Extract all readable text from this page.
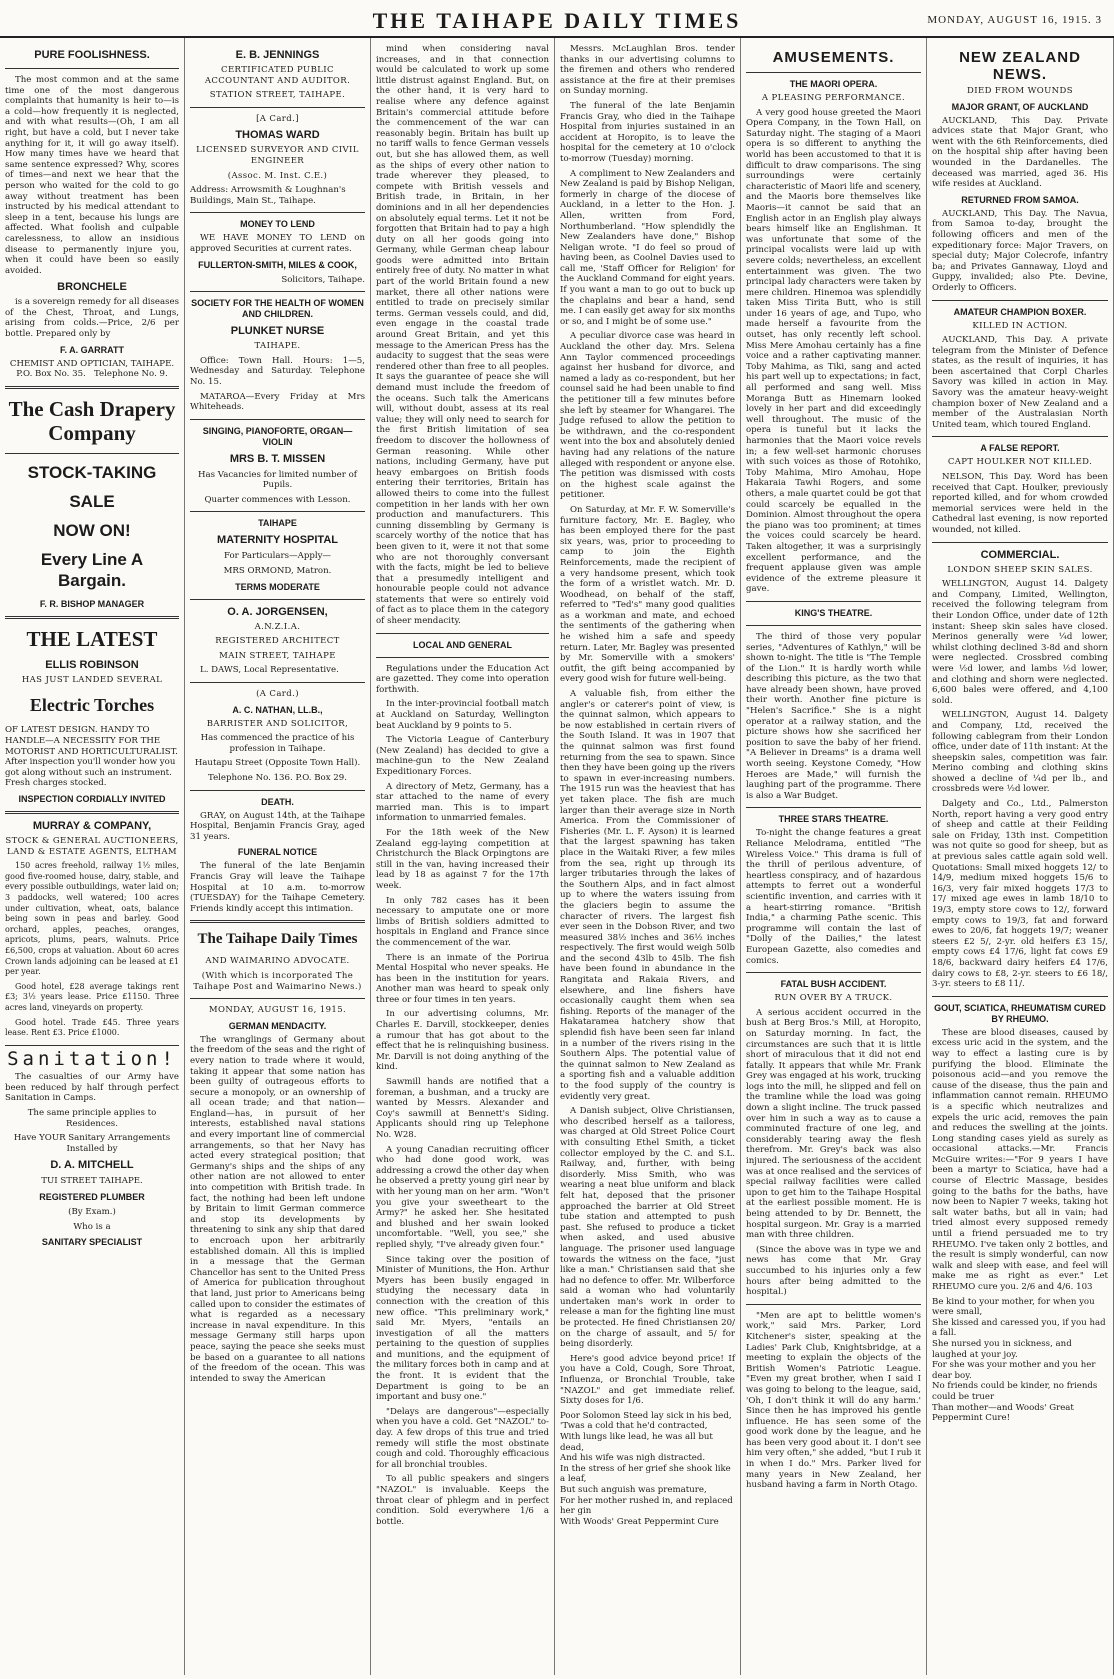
THE TAIHAPE DAILY TIMES	MONDAY, AUGUST 16, 1915. 3
PURE FOOLISHNESS.

The most common and at the same time one of the most dangerous complaints that humanity is heir to—is a cold—how frequently it is neglected, and with what results—(Oh, I am all right, but have a cold, but I never take anything for it, it will go away itself). How many times have we heard that same sentence expressed? Why, scores of times—and next we hear that the person who waited for the cold to go away without treatment has been instructed by his medical attendant to sleep in a tent, because his lungs are affected. What foolish and culpable carelessness, to allow an insidious disease to permanently injure you, when it could have been so easily avoided.

BRONCHELE

is a sovereign remedy for all diseases of the Chest, Throat, and Lungs, arising from colds.—Price, 2/6 per bottle. Prepared only by

F. A. GARRATT
CHEMIST AND OPTICIAN, TAIHAPE.
P.O. Box No. 35. Telephone No. 9.
The Cash Drapery Company
STOCK-TAKING
SALE
NOW ON!
Every Line A Bargain.
F. R. BISHOP MANAGER
THE LATEST
ELLIS ROBINSON
HAS JUST LANDED SEVERAL
Electric Torches

OF LATEST DESIGN. HANDY TO HANDLE—A NECESSITY FOR THE MOTORIST AND HORTICULTURALIST. After inspection you'll wonder how you got along without such an instrument. Fresh charges stocked.

INSPECTION CORDIALLY INVITED
MURRAY & COMPANY,
STOCK & GENERAL AUCTIONEERS, LAND & ESTATE AGENTS, ELTHAM

150 acres freehold, railway 1½ miles, good five-roomed house, dairy, stable, and every possible outbuildings, water laid on; 3 paddocks, well watered; 100 acres under cultivation, wheat, oats, balance being sown in peas and barley. Good orchard, apples, peaches, oranges, apricots, plums, pears, walnuts. Price £6,500, crops at valuation. About 60 acres Crown lands adjoining can be leased at £1 per year.

Good hotel, £28 average takings rent £3; 3½ years lease. Price £1150. Three acres land, vineyards on property.

Good hotel. Trade £45. Three years lease. Rent £3. Price £1000.

Sanitation!

The casualties of our Army have been reduced by half through perfect Sanitation in Camps.

The same principle applies to Residences.
Have YOUR Sanitary Arrangements Installed by
D. A. MITCHELL
TUI STREET TAIHAPE.
REGISTERED PLUMBER
(By Exam.)
Who is a
SANITARY SPECIALIST
E. B. JENNINGS
CERTIFICATED PUBLIC ACCOUNTANT AND AUDITOR.
STATION STREET, TAIHAPE.
[A Card.]
THOMAS WARD
LICENSED SURVEYOR AND CIVIL ENGINEER
(Assoc. M. Inst. C.E.)

Address: Arrowsmith & Loughnan's Buildings, Main St., Taihape.

MONEY TO LEND

WE HAVE MONEY TO LEND on approved Securities at current rates.

FULLERTON-SMITH, MILES & COOK,
Solicitors, Taihape.
SOCIETY FOR THE HEALTH OF WOMEN AND CHILDREN.
PLUNKET NURSE
TAIHAPE.

Office: Town Hall. Hours: 1—5, Wednesday and Saturday. Telephone No. 15.

MATAROA—Every Friday at Mrs Whiteheads.

SINGING, PIANOFORTE, ORGAN—VIOLIN
MRS B. T. MISSEN
Has Vacancies for limited number of Pupils.
Quarter commences with Lesson.
TAIHAPE
MATERNITY HOSPITAL
For Particulars—Apply—
MRS ORMOND, Matron.
TERMS MODERATE
O. A. JORGENSEN,
A.N.Z.I.A.
REGISTERED ARCHITECT
MAIN STREET, TAIHAPE

L. DAWS, Local Representative.

(A Card.)
A. C. NATHAN, LL.B.,
BARRISTER AND SOLICITOR,
Has commenced the practice of his profession in Taihape.
Hautapu Street (Opposite Town Hall).
Telephone No. 136. P.O. Box 29.
DEATH.

GRAY, on August 14th, at the Taihape Hospital, Benjamin Francis Gray, aged 31 years.

FUNERAL NOTICE

The funeral of the late Benjamin Francis Gray will leave the Taihape Hospital at 10 a.m. to-morrow (TUESDAY) for the Taihape Cemetery. Friends kindly accept this intimation.

The Taihape Daily Times
AND WAIMARINO ADVOCATE.
(With which is incorporated The Taihape Post and Waimarino News.)
MONDAY, AUGUST 16, 1915.
GERMAN MENDACITY.

The wranglings of Germany about the freedom of the seas and the right of every nation to trade where it would, taking it appear that some nation has been guilty of outrageous efforts to secure a monopoly, or an ownership of all ocean trade; and that nation—England—has, in pursuit of her interests, established naval stations and every important line of commercial arrangements, so that her Navy has acted every strategical position; that Germany's ships and the ships of any other nation are not allowed to enter into competition with British trade. In fact, the nothing had been left undone by Britain to limit German commerce and stop its developments by threatening to sink any ship that dared to encroach upon her arbitrarily established domain. All this is implied in a message that the German Chancellor has sent to the United Press of America for publication throughout that land, just prior to Americans being called upon to consider the estimates of what is regarded as a necessary increase in naval expenditure. In this message Germany still harps upon peace, saying the peace she seeks must be based on a guarantee to all nations of the freedom of the ocean. This was intended to sway the American

mind when considering naval increases, and in that connection would be calculated to work up some little distrust against England. But, on the other hand, it is very hard to realise where any defence against Britain's commercial attitude before the commencement of the war can reasonably begin. Britain has built up no tariff walls to fence German vessels out, but she has allowed them, as well as the ships of every other nation to trade wherever they pleased, to compete with British vessels and British trade, in Britain, in her dominions and in all her dependencies on absolutely equal terms. Let it not be forgotten that Britain had to pay a high duty on all her goods going into Germany, while German cheap labour goods were admitted into Britain entirely free of duty. No matter in what part of the world Britain found a new market, there all other nations were entitled to trade on precisely similar terms. German vessels could, and did, even engage in the coastal trade around Great Britain, and yet this message to the American Press has the audacity to suggest that the seas were rendered other than free to all peoples. It says the guarantee of peace she will demand must include the freedom of the oceans. Such talk the Americans will, without doubt, assess at its real value; they will only need to search for the first British limitation of sea freedom to discover the hollowness of German reasoning. While other nations, including Germany, have put heavy embargoes on British foods entering their territories, Britain has allowed theirs to come into the fullest competition in her lands with her own production and manufacturers. This cunning dissembling by Germany is scarcely worthy of the notice that has been given to it, were it not that some who are not thoroughly conversant with the facts, might be led to believe that a presumedly intelligent and honourable people could not advance statements that were so entirely void of fact as to place them in the category of sheer mendacity.

LOCAL AND GENERAL

Regulations under the Education Act are gazetted. They come into operation forthwith.

In the inter-provincial football match at Auckland on Saturday, Wellington beat Auckland by 9 points to 5.

The Victoria League of Canterbury (New Zealand) has decided to give a machine-gun to the New Zealand Expeditionary Forces.

A directory of Metz, Germany, has a star attached to the name of every married man. This is to impart information to unmarried females.

For the 18th week of the New Zealand egg-laying competition at Christchurch the Black Orpingtons are still in the van, having increased their lead by 18 as against 7 for the 17th week.

In only 782 cases has it been necessary to amputate one or more limbs of British soldiers admitted to hospitals in England and France since the commencement of the war.

There is an inmate of the Porirua Mental Hospital who never speaks. He has been in the institution for years. Another man was heard to speak only three or four times in ten years.

In our advertising columns, Mr. Charles E. Darvill, stockkeeper, denies a rumour that has got about to the effect that he is relinquishing business. Mr. Darvill is not doing anything of the kind.

Sawmill hands are notified that a foreman, a bushman, and a trucky are wanted by Messrs. Alexander and Coy's sawmill at Bennett's Siding. Applicants should ring up Telephone No. W28.

A young Canadian recruiting officer who had done good work, was addressing a crowd the other day when he observed a pretty young girl near by with her young man on her arm. "Won't you give your sweetheart to the Army?" he asked her. She hesitated and blushed and her swain looked uncomfortable. "Well, you see," she replied shyly, "I've already given four."

Since taking over the position of Minister of Munitions, the Hon. Arthur Myers has been busily engaged in studying the necessary data in connection with the creation of this new office. "This preliminary work," said Mr. Myers, "entails an investigation of all the matters pertaining to the question of supplies and munitions, and the equipment of the military forces both in camp and at the front. It is evident that the Department is going to be an important and busy one."

"Delays are dangerous"—especially when you have a cold. Get "NAZOL" to-day. A few drops of this true and tried remedy will stifle the most obstinate cough and cold. Thoroughly efficacious for all bronchial troubles.

To all public speakers and singers "NAZOL" is invaluable. Keeps the throat clear of phlegm and in perfect condition. Sold everywhere 1/6 a bottle.

Messrs. McLaughlan Bros. tender thanks in our advertising columns to the firemen and others who rendered assistance at the fire at their premises on Sunday morning.

The funeral of the late Benjamin Francis Gray, who died in the Taihape Hospital from injuries sustained in an accident at Horopito, is to leave the hospital for the cemetery at 10 o'clock to-morrow (Tuesday) morning.

A compliment to New Zealanders and New Zealand is paid by Bishop Neligan, formerly in charge of the diocese of Auckland, in a letter to the Hon. J. Allen, written from Ford, Northumberland. "How splendidly the New Zealanders have done," Bishop Neligan wrote. "I do feel so proud of having been, as Coolnel Davies used to call me, 'Staff Officer for Religion' for the Auckland Command for eight years. If you want a man to go out to buck up the chaplains and bear a hand, send me. I can easily get away for six months or so, and I might be of some use."

A peculiar divorce case was heard in Auckland the other day. Mrs. Selena Ann Taylor commenced proceedings against her husband for divorce, and named a lady as co-respondent, but her counsel said he had been unable to find the petitioner till a few minutes before she left by steamer for Whangarei. The Judge refused to allow the petition to be withdrawn, and the co-respondent went into the box and absolutely denied having had any relations of the nature alleged with respondent or anyone else. The petition was dismissed with costs on the highest scale against the petitioner.

On Saturday, at Mr. F. W. Somerville's furniture factory, Mr. E. Bagley, who has been employed there for the past six years, was, prior to proceeding to camp to join the Eighth Reinforcements, made the recipient of a very handsome present, which took the form of a wristlet watch. Mr. D. Woodhead, on behalf of the staff, referred to "Ted's" many good qualities as a workman and mate, and echoed the sentiments of the gathering when he wished him a safe and speedy return. Later, Mr. Bagley was presented by Mr. Somerville with a smokers' outfit, the gift being accompanied by every good wish for future well-being.

A valuable fish, from either the angler's or caterer's point of view, is the quinnat salmon, which appears to be now established in certain rivers of the South Island. It was in 1907 that the quinnat salmon was first found returning from the sea to spawn. Since then they have been going up the rivers to spawn in ever-increasing numbers. The 1915 run was the heaviest that has yet taken place. The fish are much larger than their average size in North America. From the Commissioner of Fisheries (Mr. L. F. Ayson) it is learned that the largest spawning has taken place in the Waitaki River, a few miles from the sea, right up through its larger tributaries through the lakes of the Southern Alps, and in fact almost up to where the waters issuing from the glaciers begin to assume the character of rivers. The largest fish ever seen in the Dobson River, and two measured 38½ inches and 36½ inches respectively. The first would weigh 50lb and the second 43lb to 45lb. The fish have been found in abundance in the Rangitata and Rakaia Rivers, and elsewhere, and line fishers have occasionally caught them when sea fishing. Reports of the manager of the Hakataramea hatchery show that splendid fish have been seen far inland in a number of the rivers rising in the Southern Alps. The potential value of the quinnat salmon to New Zealand as a sporting fish and a valuable addition to the food supply of the country is evidently very great.

A Danish subject, Olive Christiansen, who described herself as a tailoress, was charged at Old Street Police Court with consulting Ethel Smith, a ticket collector employed by the C. and S.L. Railway, and, further, with being disorderly. Miss Smith, who was wearing a neat blue uniform and black felt hat, deposed that the prisoner approached the barrier at Old Street tube station and attempted to push past. She refused to produce a ticket when asked, and used abusive language. The prisoner used language towards the witness on the face, "just like a man." Christiansen said that she had no defence to offer. Mr. Wilberforce said a woman who had voluntarily undertaken man's work in order to release a man for the fighting line must be protected. He fined Christiansen 20/ on the charge of assault, and 5/ for being disorderly.

Here's good advice beyond price! If you have a Cold, Cough, Sore Throat, Influenza, or Bronchial Trouble, take "NAZOL" and get immediate relief. Sixty doses for 1/6.

Poor Solomon Steed lay sick in his bed,
'Twas a cold that he'd contracted,
With lungs like lead, he was all but dead,
And his wife was nigh distracted.
In the stress of her grief she shook like a leaf,
But such anguish was premature,
For her mother rushed in, and replaced her gin
With Woods' Great Peppermint Cure
AMUSEMENTS.
THE MAORI OPERA.
A PLEASING PERFORMANCE.

A very good house greeted the Maori Opera Company, in the Town Hall, on Saturday night. The staging of a Maori opera is so different to anything the world has been accustomed to that it is difficult to draw comparisons. The sing surroundings were certainly characteristic of Maori life and scenery, and the Maoris bore themselves like Maoris—it cannot be said that an English actor in an English play always bears himself like an Englishman. It was unfortunate that some of the principal vocalists were laid up with severe colds; nevertheless, an excellent entertainment was given. The two principal lady characters were taken by mere children. Hinemoa was splendidly taken Miss Tirita Butt, who is still under 16 years of age, and Tupo, who made herself a favourite from the outset, has only recently left school. Miss Mere Amohau certainly has a fine voice and a rather captivating manner. Toby Mahima, as Tiki, sang and acted his part well up to expectations; in fact, all performed and sang well. Miss Moranga Butt as Hinemarn looked lovely in her part and did exceedingly well throughout. The music of the opera is tuneful but it lacks the harmonies that the Maori voice revels in; a few well-set harmonic choruses with such voices as those of Rotohiko, Toby Mahima, Miro Amohau, Hope Hakaraia Tawhi Rogers, and some others, a male quartet could be got that could scarcely be equalled in the Dominion. Almost throughout the opera the piano was too prominent; at times the voices could scarcely be heard. Taken altogether, it was a surprisingly excellent performance, and the frequent applause given was ample evidence of the extreme pleasure it gave.

KING'S THEATRE.

The third of those very popular series, "Adventures of Kathlyn," will be shown to-night. The title is "The Temple of the Lion." It is hardly worth while describing this picture, as the two that have already been shown, have proved their worth. Another fine picture is "Helen's Sacrifice." She is a night operator at a railway station, and the picture shows how she sacrificed her position to save the baby of her friend. "A Believer in Dreams" is a drama well worth seeing. Keystone Comedy, "How Heroes are Made," will furnish the laughing part of the programme. There is also a War Budget.

THREE STARS THEATRE.

To-night the change features a great Reliance Melodrama, entitled "The Wireless Voice." This drama is full of the thrill of perilous adventure, of heartless conspiracy, and of hazardous attempts to ferret out a wonderful scientific invention, and carries with it a heart-stirring romance. "British India," a charming Pathe scenic. This programme will contain the last of "Dolly of the Dailies," the latest European Gazette, also comedies and comics.

FATAL BUSH ACCIDENT.
RUN OVER BY A TRUCK.

A serious accident occurred in the bush at Berg Bros.'s Mill, at Horopito, on Saturday morning. In fact, the circumstances are such that it is little short of miraculous that it did not end fatally. It appears that while Mr. Frank Grey was engaged at his work, trucking logs into the mill, he slipped and fell on the tramline while the load was going down a slight incline. The truck passed over him in such a way as to cause a comminuted fracture of one leg, and considerably tearing away the flesh therefrom. Mr. Grey's back was also injured. The seriousness of the accident was at once realised and the services of special railway facilities were called upon to get him to the Taihape Hospital at the earliest possible moment. He is being attended to by Dr. Bennett, the hospital surgeon. Mr. Gray is a married man with three children.

(Since the above was in type we and news has come that Mr. Gray succumbed to his injuries only a few hours after being admitted to the hospital.)

"Men are apt to belittle women's work," said Mrs. Parker, Lord Kitchener's sister, speaking at the Ladies' Park Club, Knightsbridge, at a meeting to explain the objects of the British Women's Patriotic League. "Even my great brother, when I said I was going to belong to the league, said, 'Oh, I don't think it will do any harm.' Since then he has improved his gentle influence. He has seen some of the good work done by the league, and he has been very good about it. I don't see him very often," she added, "but I rub it in when I do." Mrs. Parker lived for many years in New Zealand, her husband having a farm in North Otago.

NEW ZEALAND NEWS.
DIED FROM WOUNDS
MAJOR GRANT, OF AUCKLAND

AUCKLAND, This Day. Private advices state that Major Grant, who went with the 6th Reinforcements, died on the hospital ship after having been wounded in the Dardanelles. The deceased was married, aged 36. His wife resides at Auckland.

RETURNED FROM SAMOA.

AUCKLAND, This Day. The Navua, from Samoa to-day, brought the following officers and men of the expeditionary force: Major Travers, on special duty; Major Colecrofe, infantry ba; and Privates Gannaway, Lloyd and Guppy, invalided; also Pte. Devine, Orderly to Officers.

AMATEUR CHAMPION BOXER.
KILLED IN ACTION.

AUCKLAND, This Day. A private telegram from the Minister of Defence states, as the result of inquiries, it has been ascertained that Corpl Charles Savory was killed in action in May. Savory was the amateur heavy-weight champion boxer of New Zealand and a member of the Australasian North United team, which toured England.

A FALSE REPORT.
CAPT HOULKER NOT KILLED.

NELSON, This Day. Word has been received that Capt. Houlker, previously reported killed, and for whom crowded memorial services were held in the Cathedral last evening, is now reported wounded, not killed.

COMMERCIAL.
LONDON SHEEP SKIN SALES.

WELLINGTON, August 14. Dalgety and Company, Limited, Wellington, received the following telegram from their London Office, under date of 12th instant: Sheep skin sales have closed. Merinos generally were ¼d lower, whilst clothing declined 3-8d and shorn were neglected. Crossbred combing were ½d lower, and lambs ½d lower, and clothing and shorn were neglected. 6,600 bales were offered, and 4,100 sold.

WELLINGTON, August 14. Dalgety and Company, Ltd, received the following cablegram from their London office, under date of 11th instant: At the sheepskin sales, competition was fair. Merino combing and clothing skins showed a decline of ¼d per lb., and crossbreds were ½d lower.

Dalgety and Co., Ltd., Palmerston North, report having a very good entry of sheep and cattle at their Feilding sale on Friday, 13th inst. Competition was not quite so good for sheep, but as at previous sales cattle again sold well. Quotations: Small mixed hoggets 12/ to 14/9, medium mixed hoggets 15/6 to 16/3, very fair mixed hoggets 17/3 to 17/ mixed age ewes in lamb 18/10 to 19/3, empty store cows to 12/, forward empty cows to 19/3, fat and forward ewes to 20/6, fat hoggets 19/7; weaner steers £2 5/, 2-yr. old heifers £3 15/, empty cows £4 17/6, light fat cows £9 18/6, backward dairy heifers £4 17/6, dairy cows to £8, 2-yr. steers to £6 18/, 3-yr. steers to £8 11/.

GOUT, SCIATICA, RHEUMATISM CURED BY RHEUMO.

These are blood diseases, caused by excess uric acid in the system, and the way to effect a lasting cure is by purifying the blood. Eliminate the poisonous acid—and you remove the cause of the disease, thus the pain and inflammation cannot remain. RHEUMO is a specific which neutralizes and expels the uric acid, removes the pain and reduces the swelling at the joints. Long standing cases yield as surely as occasional attacks.—Mr. Francis McGuire writes:—"For 9 years I have been a martyr to Sciatica, have had a course of Electric Massage, besides going to the baths for the baths, have now been to Napier 7 weeks, taking hot salt water baths, but all in vain; had tried almost every supposed remedy until a friend persuaded me to try RHEUMO. I've taken only 2 bottles, and the result is simply wonderful, can now walk and sleep with ease, and feel will make me as right as ever." Let RHEUMO cure you. 2/6 and 4/6. 103

Be kind to your mother, for when you were small,
She kissed and caressed you, if you had a fall.
She nursed you in sickness, and laughed at your joy.
For she was your mother and you her dear boy.
No friends could be kinder, no friends could be truer
Than mother—and Woods' Great Peppermint Cure!
